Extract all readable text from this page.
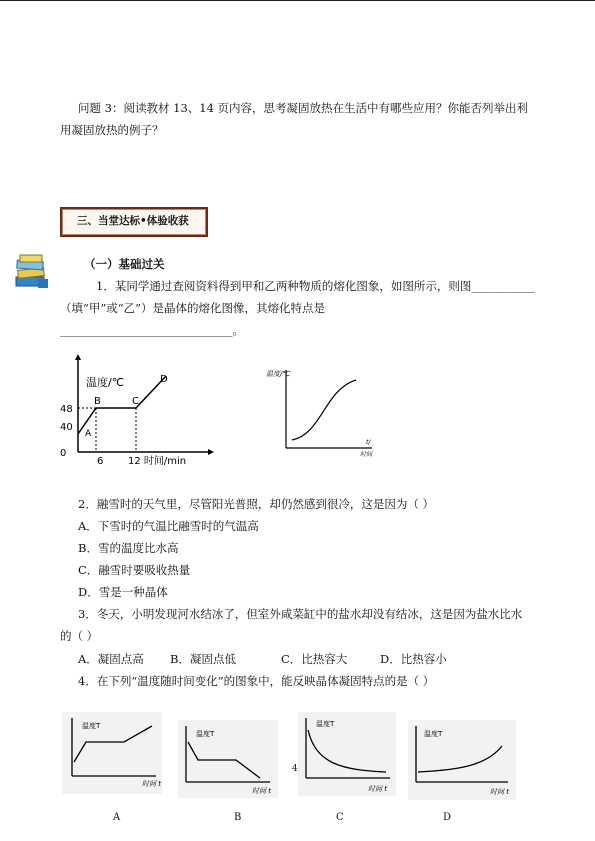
问题 3：阅读教材 13、14 页内容，思考凝固放热在生活中有哪些应用？你能否列举出利
用凝固放热的例子？
三、当堂达标•体验收获
（一）基础过关
1．某同学通过查阅资料得到甲和乙两种物质的熔化图象，如图所示，则图___________
（填“甲”或“乙”）是晶体的熔化图像，其熔化特点是
______________________________。
温度/℃
48
40
0
A
B	C
D
6 12 时间/min
温度/℃
t/
时间
2．融雪时的天气里，尽管阳光普照，却仍然感到很冷，这是因为（ ）
A．下雪时的气温比融雪时的气温高
B．雪的温度比水高
C．融雪时要吸收热量
D．雪是一种晶体
3．冬天，小明发现河水结冰了，但室外咸菜缸中的盐水却没有结冰，这是因为盐水比水
的（ ）
A．凝固点高 B．凝固点低	C．比热容大	D．比热容小
4．在下列“温度随时间变化”的图象中，能反映晶体凝固特点的是（ ）
温度T
时间 t
温度T
时间 t
4
温度T
时间 t
温度T
时间 t
A	B	C	D
